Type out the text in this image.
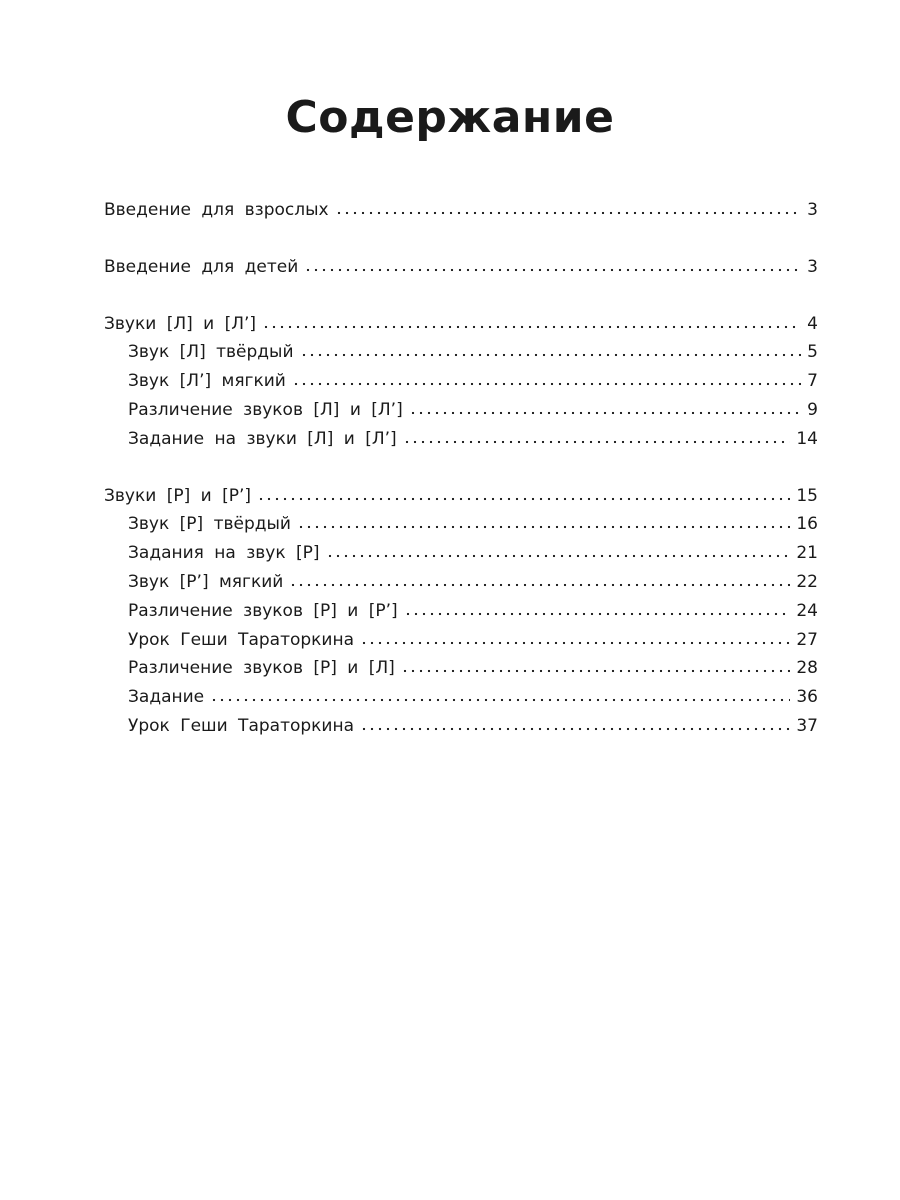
Содержание
Введение для взрослых	3
Введение для детей	3
Звуки [Л] и [Л’]	4
Звук [Л] твёрдый	5
Звук [Л’] мягкий	7
Различение звуков [Л] и [Л’]	9
Задание на звуки [Л] и [Л’]	14
Звуки [Р] и [Р’]	15
Звук [Р] твёрдый	16
Задания на звук [Р]	21
Звук [Р’] мягкий	22
Различение звуков [Р] и [Р’]	24
Урок Геши Тараторкина	27
Различение звуков [Р] и [Л]	28
Задание	36
Урок Геши Тараторкина	37
